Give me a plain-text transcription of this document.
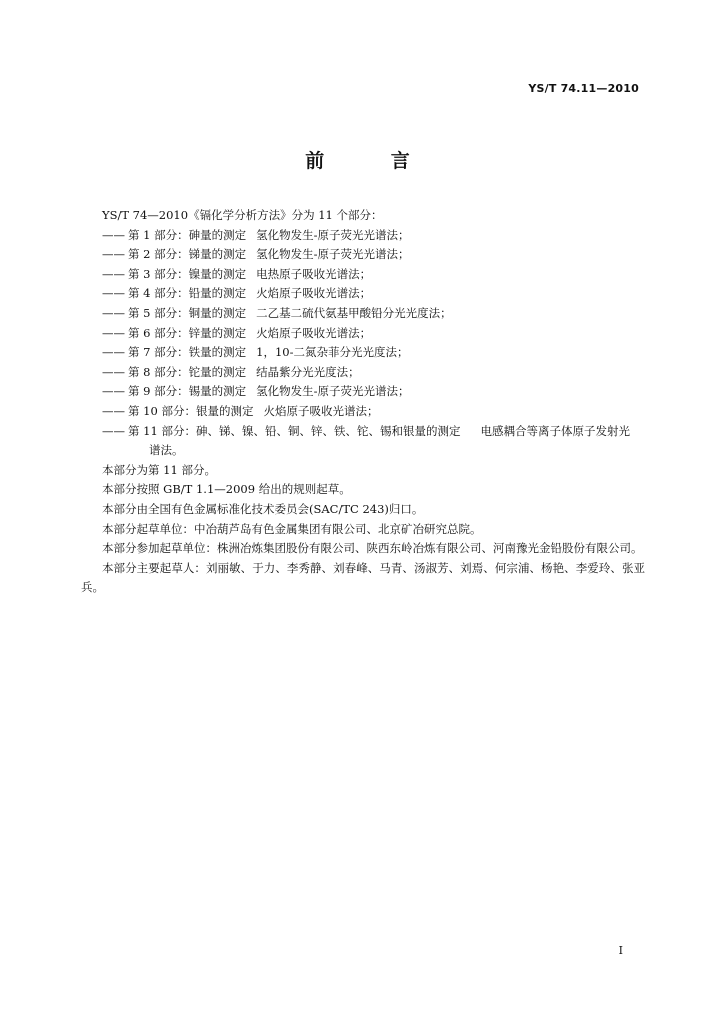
YS/T 74.11—2010
前 言
YS/T 74—2010《镉化学分析方法》分为 11 个部分：
—— 第 1 部分：砷量的测定 氢化物发生-原子荧光光谱法；
—— 第 2 部分：锑量的测定 氢化物发生-原子荧光光谱法；
—— 第 3 部分：镍量的测定 电热原子吸收光谱法；
—— 第 4 部分：铅量的测定 火焰原子吸收光谱法；
—— 第 5 部分：铜量的测定 二乙基二硫代氨基甲酸铅分光光度法；
—— 第 6 部分：锌量的测定 火焰原子吸收光谱法；
—— 第 7 部分：铁量的测定 1，10-二氮杂菲分光光度法；
—— 第 8 部分：铊量的测定 结晶紫分光光度法；
—— 第 9 部分：锡量的测定 氢化物发生-原子荧光光谱法；
—— 第 10 部分：银量的测定 火焰原子吸收光谱法；
—— 第 11 部分：砷、锑、镍、铅、铜、锌、铁、铊、锡和银量的测定	电感耦合等离子体原子发射光
谱法。
本部分为第 11 部分。
本部分按照 GB/T 1.1—2009 给出的规则起草。
本部分由全国有色金属标准化技术委员会(SAC/TC 243)归口。
本部分起草单位：中冶葫芦岛有色金属集团有限公司、北京矿冶研究总院。
本部分参加起草单位：株洲冶炼集团股份有限公司、陕西东岭冶炼有限公司、河南豫光金铅股份有限公司。
本部分主要起草人：刘丽敏、于力、李秀静、刘春峰、马青、汤淑芳、刘焉、何宗浦、杨艳、李爱玲、张亚兵。
I
